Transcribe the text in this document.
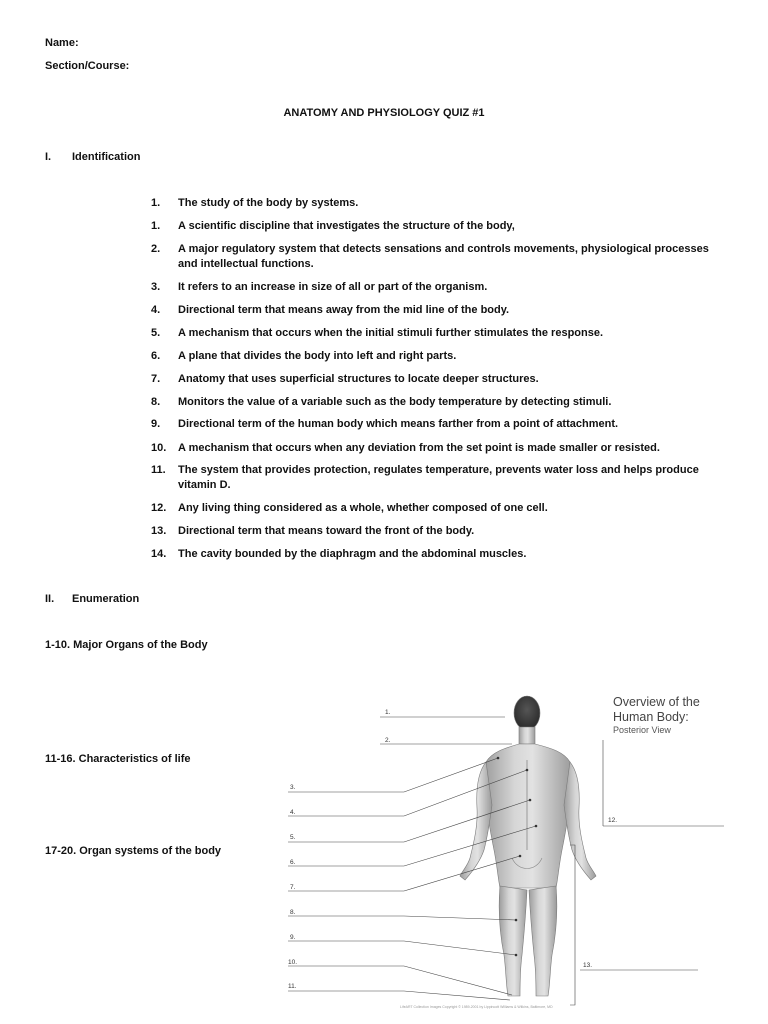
Name:
Section/Course:
ANATOMY AND PHYSIOLOGY QUIZ #1
I. Identification
1.	The study of the body by systems.
1.	A scientific discipline that investigates the structure of the body,
2.	A major regulatory system that detects sensations and controls movements, physiological processes and intellectual functions.
3.	It refers to an increase in size of all or part of the organism.
4.	Directional term that means away from the mid line of the body.
5.	A mechanism that occurs when the initial stimuli further stimulates the response.
6.	A plane that divides the body into left and right parts.
7.	Anatomy that uses superficial structures to locate deeper structures.
8.	Monitors the value of a variable such as the body temperature by detecting stimuli.
9.	Directional term of the human body which means farther from a point of attachment.
10.	A mechanism that occurs when any deviation from the set point is made smaller or resisted.
11.	The system that provides protection, regulates temperature, prevents water loss and helps produce vitamin D.
12.	Any living thing considered as a whole, whether composed of one cell.
13.	Directional term that means toward the front of the body.
14.	The cavity bounded by the diaphragm and the abdominal muscles.
II. Enumeration
1-10. Major Organs of the Body
11-16. Characteristics of life
17-20. Organ systems of the body
Overview of the
Human Body:
Posterior View
1.
2.
3.
4.
5.
6.
7.
8.
9.
10.
11.
12.
13.
LifeART Collection Images Copyright © 1989-2001 by Lippincott Williams & Wilkins, Baltimore, MD
